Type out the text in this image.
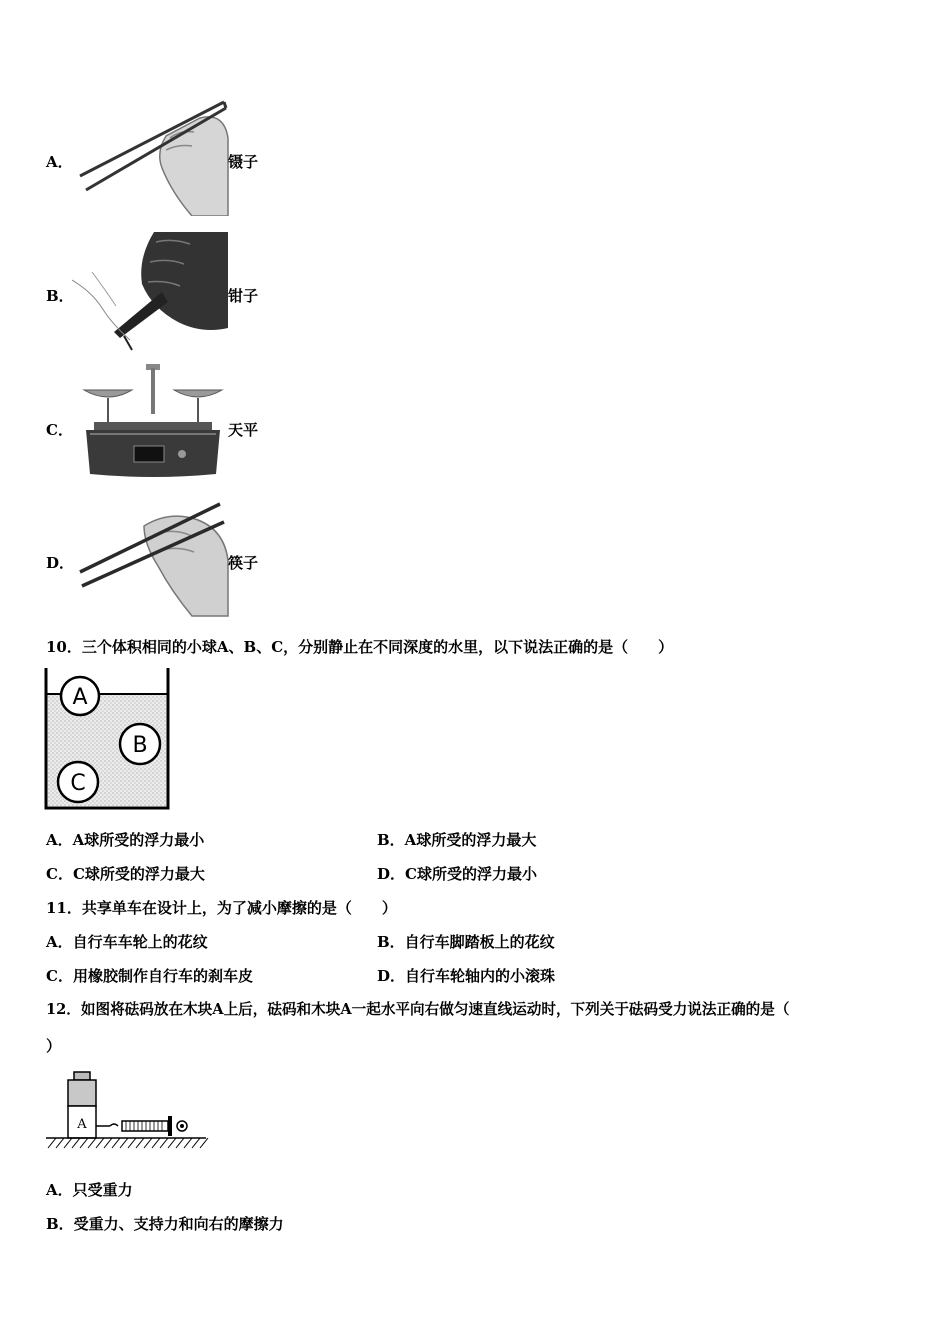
A．	镊子
B．	钳子
C．	天平
D．	筷子
10．三个体积相同的小球A、B、C，分别静止在不同深度的水里，以下说法正确的是（　　）
A
B
C
A．A球所受的浮力最小	B．A球所受的浮力最大
C．C球所受的浮力最大	D．C球所受的浮力最小
11．共享单车在设计上，为了减小摩擦的是（　　）
A．自行车车轮上的花纹	B．自行车脚踏板上的花纹
C．用橡胶制作自行车的刹车皮	D．自行车轮轴内的小滚珠
12．如图将砝码放在木块A上后，砝码和木块A一起水平向右做匀速直线运动时，下列关于砝码受力说法正确的是（
）
A
A．只受重力
B．受重力、支持力和向右的摩擦力
